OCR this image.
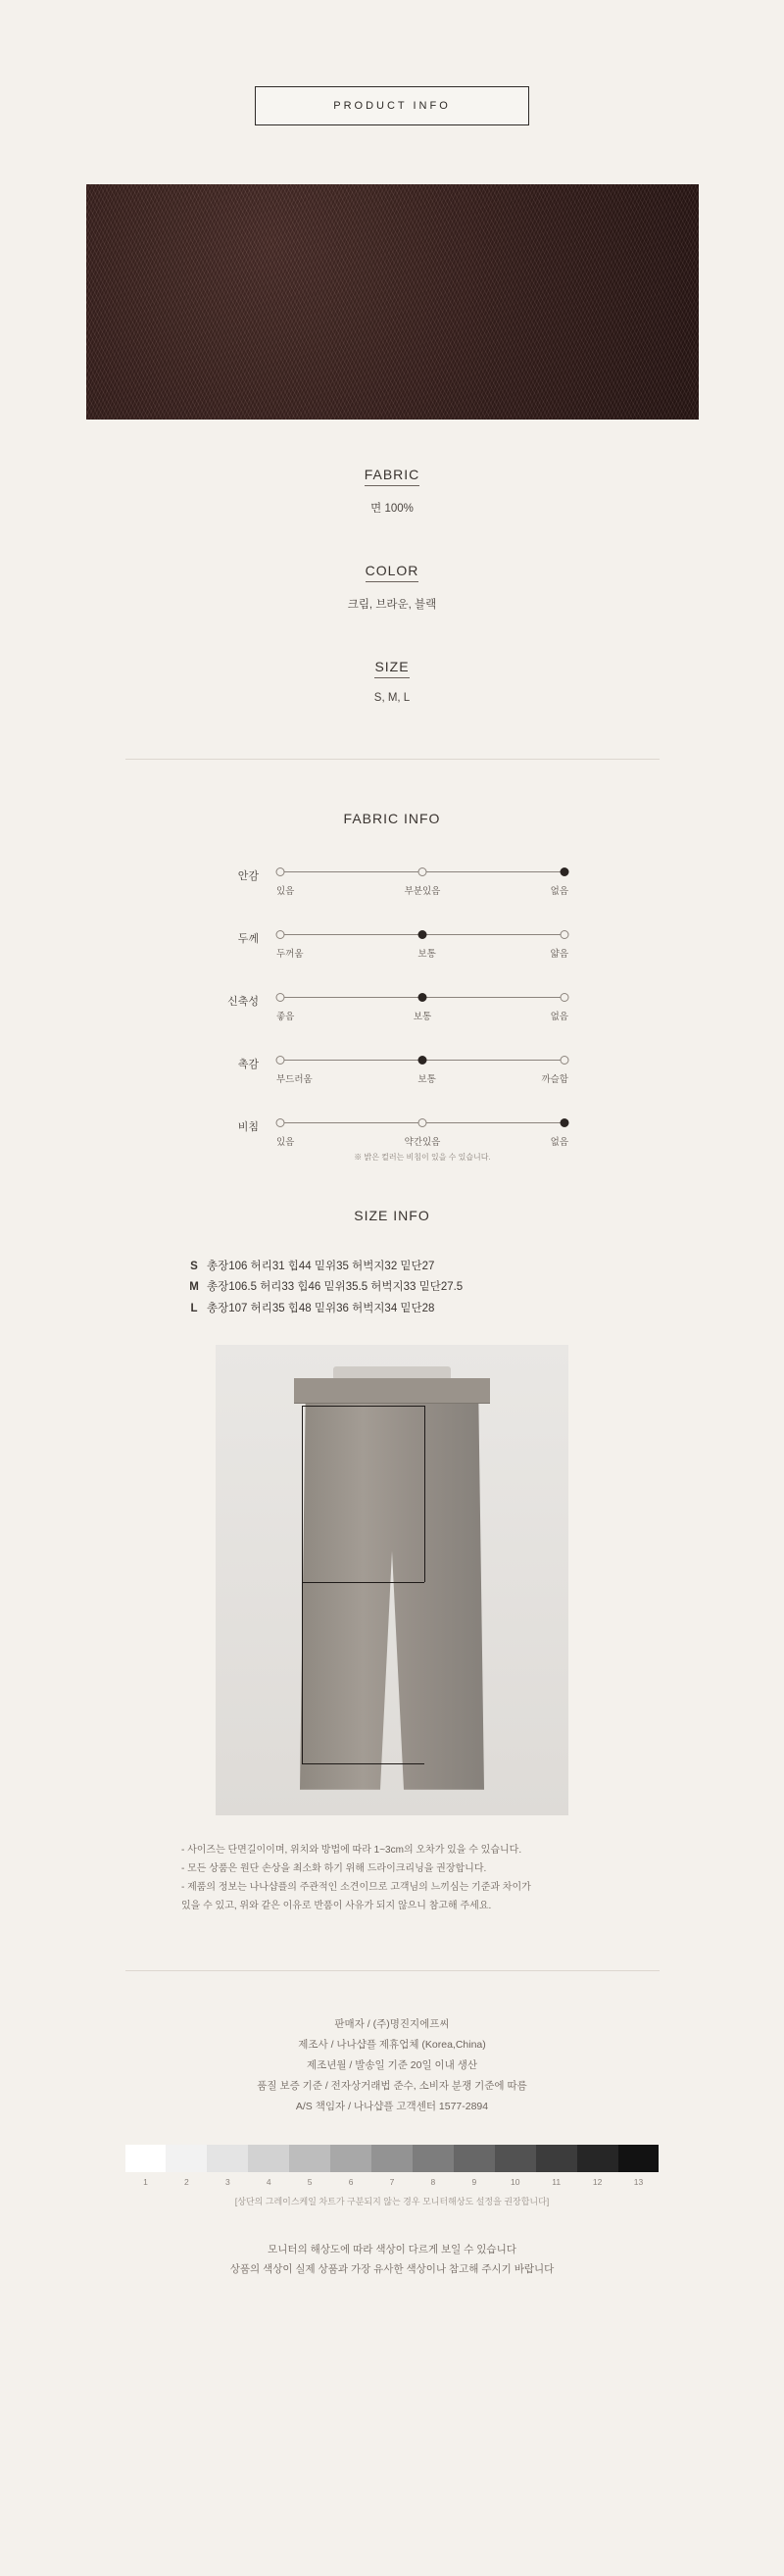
PRODUCT INFO
FABRIC

면 100%

COLOR

크림, 브라운, 블랙

SIZE

S, M, L

FABRIC INFO
안감
있음	부분있음	없음
두께
두꺼움	보통	얇음
신축성
좋음	보통	없음
촉감
부드러움	보통	까슬함
비침
있음	약간있음	없음
※ 밝은 컬러는 비침이 있을 수 있습니다.
SIZE INFO
S 총장106 허리31 힙44 밑위35 허벅지32 밑단27
M 총장106.5 허리33 힙46 밑위35.5 허벅지33 밑단27.5
L 총장107 허리35 힙48 밑위36 허벅지34 밑단28
- 사이즈는 단면길이이며, 위치와 방법에 따라 1~3cm의 오차가 있을 수 있습니다.
- 모든 상품은 원단 손상을 최소화 하기 위해 드라이크리닝을 권장합니다.
- 제품의 정보는 나나샵플의 주관적인 소견이므로 고객님의 느끼심는 기준과 차이가
있을 수 있고, 위와 같은 이유로 반품이 사유가 되지 않으니 참고해 주세요.
판매자 / (주)명진지에프씨
제조사 / 나나샵플 제휴업체 (Korea,China)
제조년월 / 발송일 기준 20일 이내 생산
품질 보증 기준 / 전자상거래법 준수, 소비자 분쟁 기준에 따름
A/S 책임자 / 나나샵플 고객센터 1577-2894
1	2	3	4	5	6	7	8	9	10	11	12	13
[상단의 그레이스케일 차트가 구분되지 않는 경우 모니터해상도 설정을 권장합니다]
모니터의 해상도에 따라 색상이 다르게 보일 수 있습니다
상품의 색상이 실제 상품과 가장 유사한 색상이나 참고해 주시기 바랍니다
